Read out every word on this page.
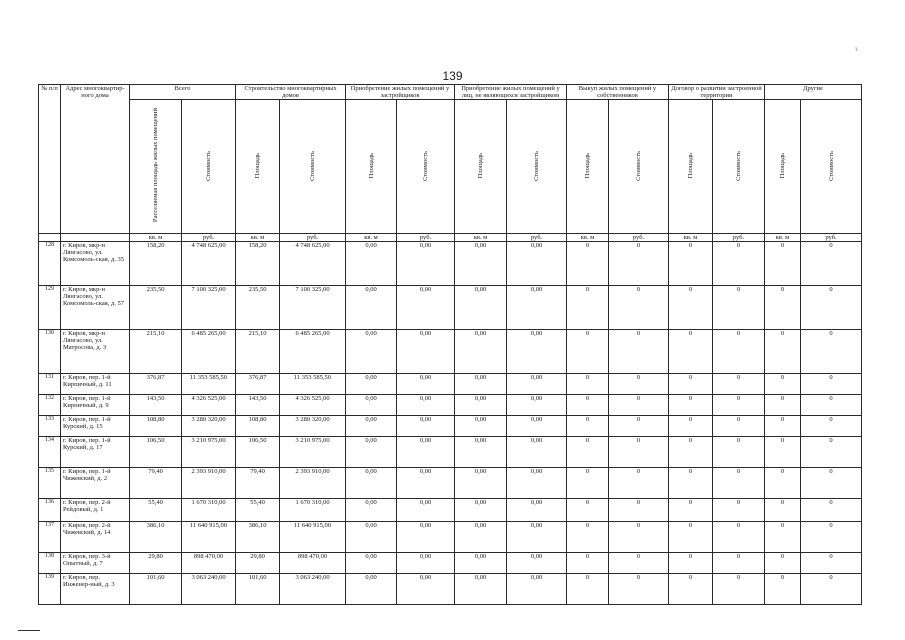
139
№ п/п	Адрес многоквартир-ного дома	Всего		Строительство многоквартирных домов		Приобретение жилых помещений у застройщиков		Приобретение жилых помещений у лиц, не являющихся застройщиком		Выкуп жилых помещений у собственников		Договор о развитии застроенной территории		Другие	
		Расселяемая площадь жилых помещений	Стоимость	Площадь	Стоимость	Площадь	Стоимость	Площадь	Стоимость	Площадь	Стоимость	Площадь	Стоимость	Площадь	Стоимость
		кв. м	руб.	кв. м	руб.	кв. м	руб.	кв. м	руб.	кв. м	руб.	кв. м	руб.	кв. м	руб.
128	г. Киров, мкр-н Лянгасово, ул. Комсомоль-ская, д. 35	158,20	4 748 625,00	158,20	4 748 625,00	0,00	0,00	0,00	0,00	0	0	0	0	0	0
129	г. Киров, мкр-н Лянгасово, ул. Комсомоль-ская, д. 57	235,50	7 100 325,00	235,50	7 100 325,00	0,00	0,00	0,00	0,00	0	0	0	0	0	0
130	г. Киров, мкр-н Лянгасово, ул. Матросова, д. 3	215,10	6 485 265,00	215,10	6 485 265,00	0,00	0,00	0,00	0,00	0	0	0	0	0	0
131	г. Киров, пер. 1-й Кирпичный, д. 11	376,87	11 353 585,50	376,87	11 353 585,50	0,00	0,00	0,00	0,00	0	0	0	0	0	0
132	г. Киров, пер. 1-й Кирпичный, д. 9	143,50	4 326 525,00	143,50	4 326 525,00	0,00	0,00	0,00	0,00	0	0	0	0	0	0
133	г. Киров, пер. 1-й Курский, д. 15	108,80	3 280 320,00	108,80	3 280 320,00	0,00	0,00	0,00	0,00	0	0	0	0	0	0
134	г. Киров, пер. 1-й Курский, д. 17	106,50	3 210 975,00	106,50	3 210 975,00	0,00	0,00	0,00	0,00	0	0	0	0	0	0
135	г. Киров, пер. 1-й Чижевский, д. 2	79,40	2 393 910,00	79,40	2 393 910,00	0,00	0,00	0,00	0,00	0	0	0	0	0	0
136	г. Киров, пер. 2-й Рейдовый, д. 1	55,40	1 670 310,00	55,40	1 670 310,00	0,00	0,00	0,00	0,00	0	0	0	0	0	0
137	г. Киров, пер. 2-й Чижевский, д. 14	386,10	11 640 915,00	386,10	11 640 915,00	0,00	0,00	0,00	0,00	0	0	0	0	0	0
138	г. Киров, пер. 3-й Опытный, д. 7	29,80	898 470,00	29,80	898 470,00	0,00	0,00	0,00	0,00	0	0	0	0	0	0
139	г. Киров, пер. Инженер-ный, д. 3	101,60	3 063 240,00	101,60	3 063 240,00	0,00	0,00	0,00	0,00	0	0	0	0	0	0
ˀ
